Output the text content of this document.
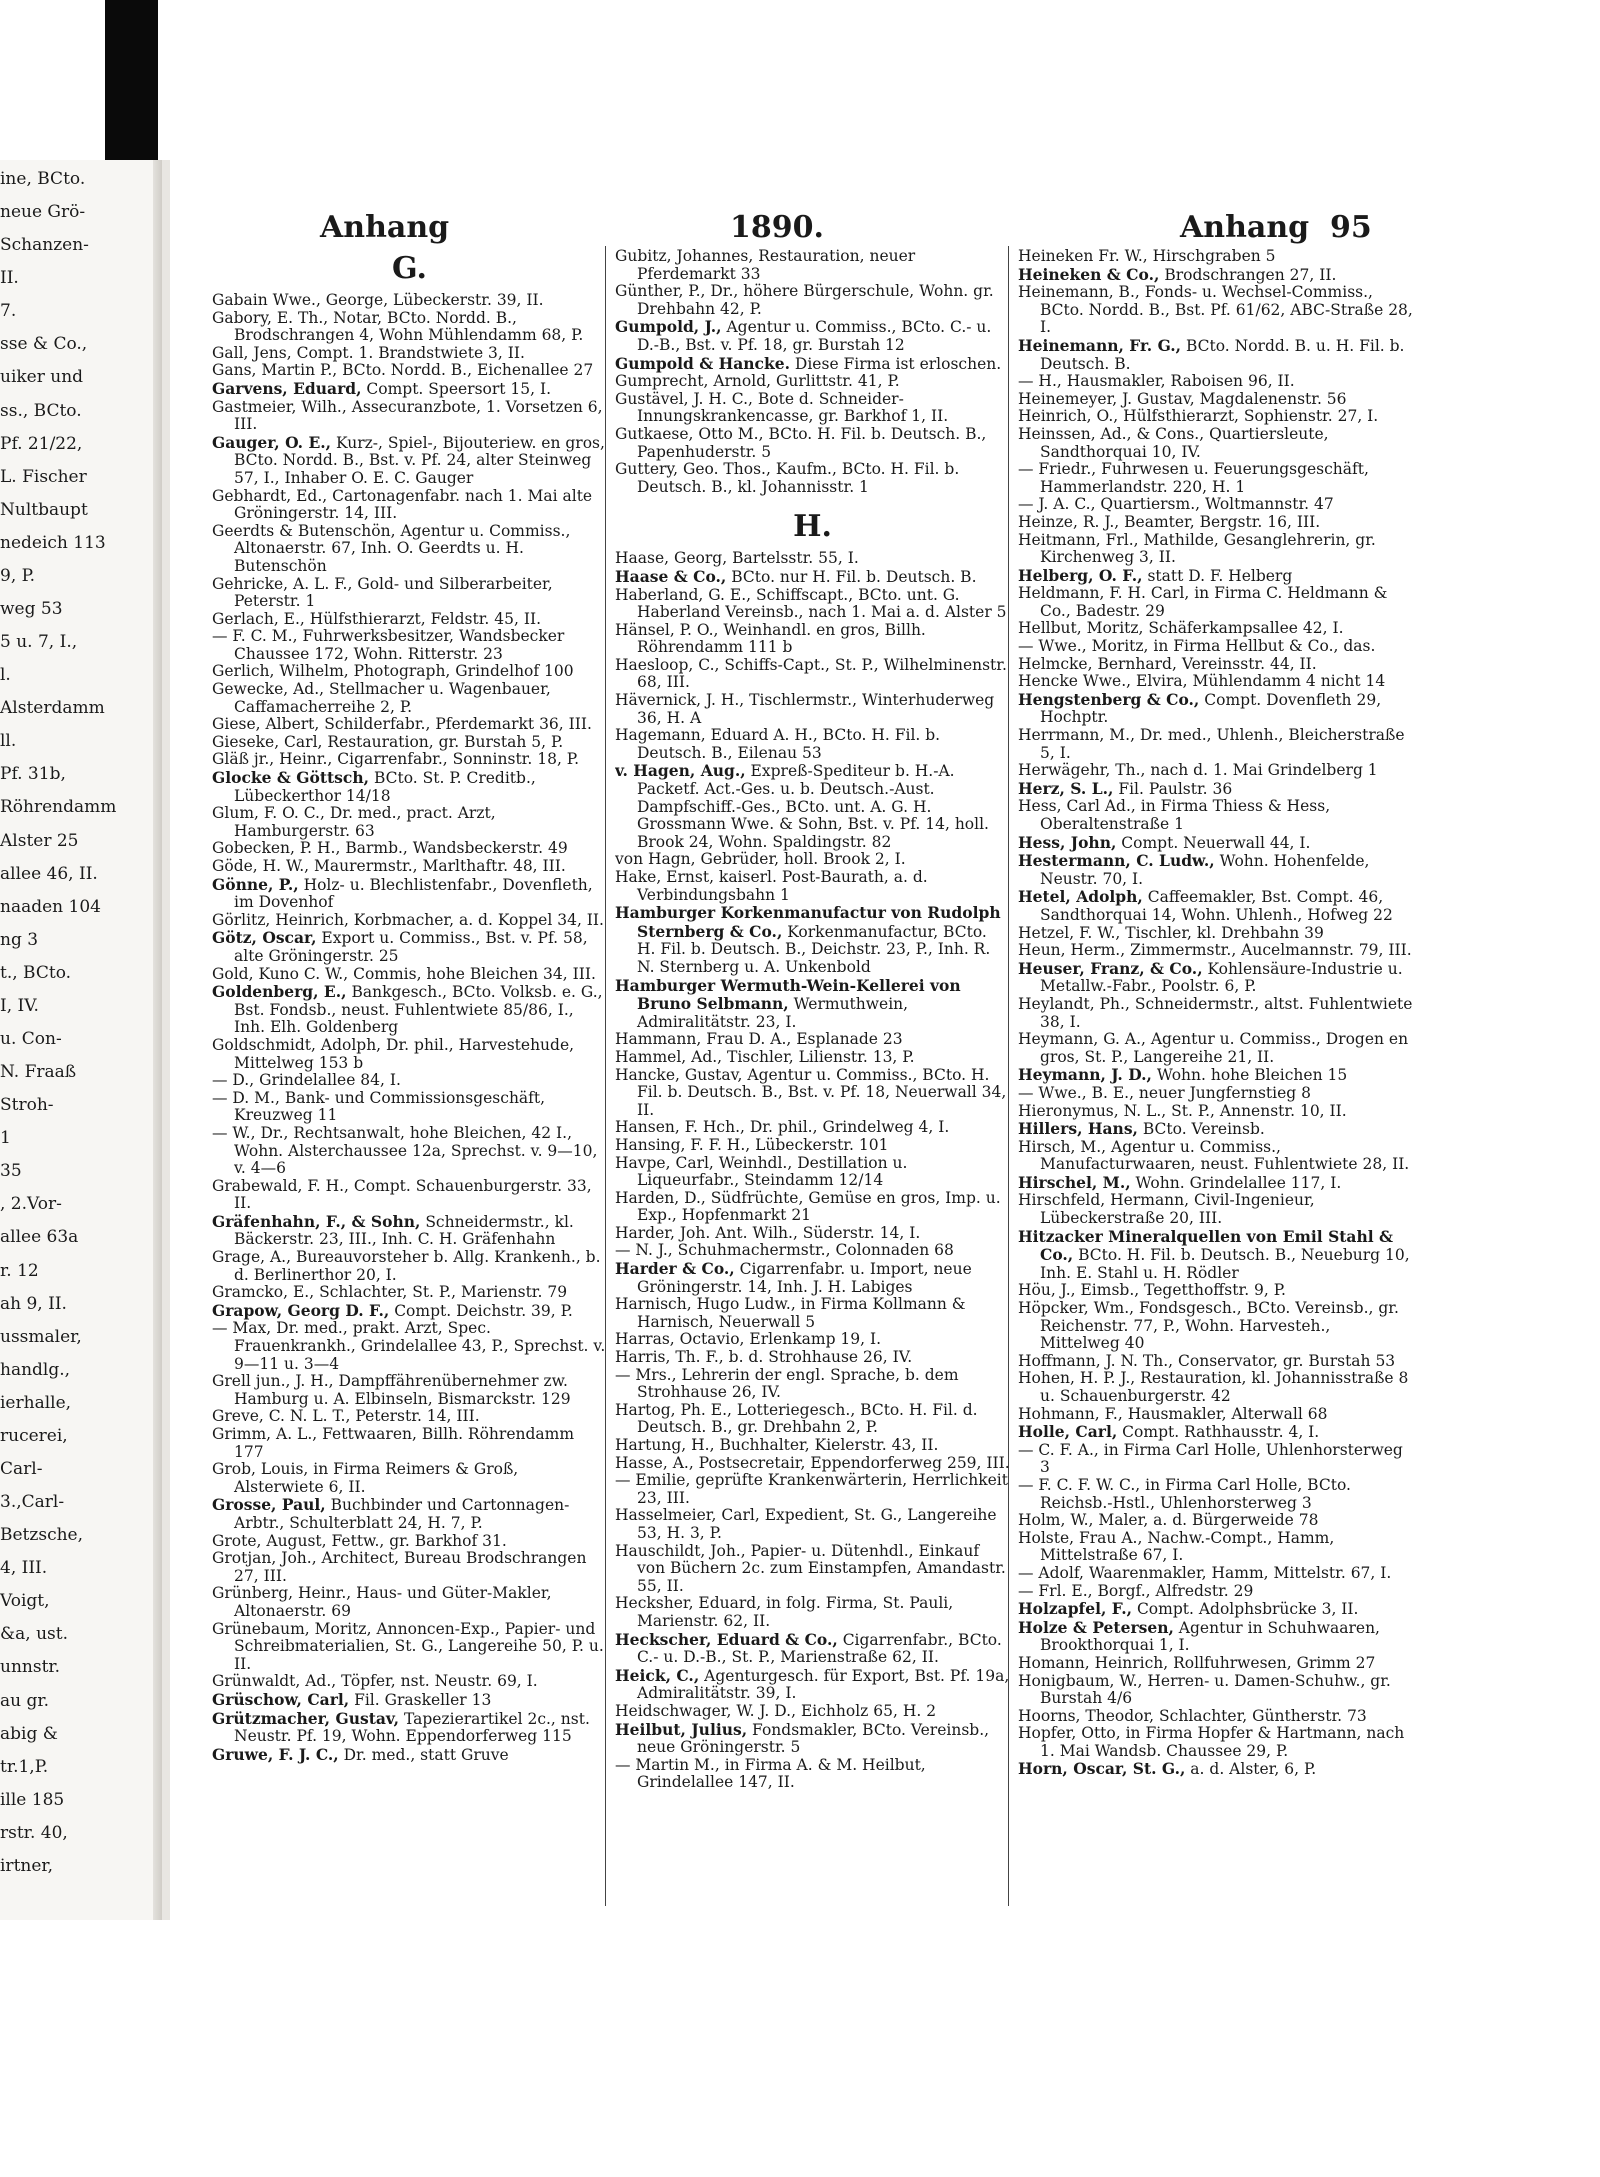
ine, BCto.
neue Grö-
Schanzen-
II.
7.
sse & Co.,
uiker und
ss., BCto.
Pf. 21/22,
L. Fischer
Nultbaupt
nedeich 113
9, P.
weg 53
5 u. 7, I.,
l.
Alsterdamm
ll.
Pf. 31b,
Röhrendamm
Alster 25
allee 46, II.
naaden 104
ng 3
t., BCto.
I, IV.
u. Con-
N. Fraaß
Stroh-
1
35
, 2.Vor-
allee 63a
r. 12
ah 9, II.
ussmaler,
handlg.,
ierhalle,
rucerei,
Carl-
3.,Carl-
Betzsche,
4, III.
Voigt,
&a, ust.
unnstr.
au gr.
abig &
tr.1,P.
ille 185
rstr. 40,
irtner,
Anhang	1890.	Anhang 95
G.

Gabain Wwe., George, Lübeckerstr. 39, II.

Gabory, E. Th., Notar, BCto. Nordd. B., Brodschrangen 4, Wohn Mühlendamm 68, P.

Gall, Jens, Compt. 1. Brandstwiete 3, II.

Gans, Martin P., BCto. Nordd. B., Eichenallee 27

Garvens, Eduard, Compt. Speersort 15, I.

Gastmeier, Wilh., Assecuranzbote, 1. Vorsetzen 6, III.

Gauger, O. E., Kurz-, Spiel-, Bijouteriew. en gros, BCto. Nordd. B., Bst. v. Pf. 24, alter Steinweg 57, I., Inhaber O. E. C. Gauger

Gebhardt, Ed., Cartonagenfabr. nach 1. Mai alte Gröningerstr. 14, III.

Geerdts & Butenschön, Agentur u. Commiss., Altonaerstr. 67, Inh. O. Geerdts u. H. Butenschön

Gehricke, A. L. F., Gold- und Silberarbeiter, Peterstr. 1

Gerlach, E., Hülfsthierarzt, Feldstr. 45, II.

— F. C. M., Fuhrwerksbesitzer, Wandsbecker Chaussee 172, Wohn. Ritterstr. 23

Gerlich, Wilhelm, Photograph, Grindelhof 100

Gewecke, Ad., Stellmacher u. Wagenbauer, Caffamacherreihe 2, P.

Giese, Albert, Schilderfabr., Pferdemarkt 36, III.

Gieseke, Carl, Restauration, gr. Burstah 5, P.

Gläß jr., Heinr., Cigarrenfabr., Sonninstr. 18, P.

Glocke & Göttsch, BCto. St. P. Creditb., Lübeckerthor 14/18

Glum, F. O. C., Dr. med., pract. Arzt, Hamburgerstr. 63

Gobecken, P. H., Barmb., Wandsbeckerstr. 49

Göde, H. W., Maurermstr., Marlthaftr. 48, III.

Gönne, P., Holz- u. Blechlistenfabr., Dovenfleth, im Dovenhof

Görlitz, Heinrich, Korbmacher, a. d. Koppel 34, II.

Götz, Oscar, Export u. Commiss., Bst. v. Pf. 58, alte Gröningerstr. 25

Gold, Kuno C. W., Commis, hohe Bleichen 34, III.

Goldenberg, E., Bankgesch., BCto. Volksb. e. G., Bst. Fondsb., neust. Fuhlentwiete 85/86, I., Inh. Elh. Goldenberg

Goldschmidt, Adolph, Dr. phil., Harvestehude, Mittelweg 153 b

— D., Grindelallee 84, I.

— D. M., Bank- und Commissionsgeschäft, Kreuzweg 11

— W., Dr., Rechtsanwalt, hohe Bleichen, 42 I., Wohn. Alsterchaussee 12a, Sprechst. v. 9—10, v. 4—6

Grabewald, F. H., Compt. Schauenburgerstr. 33, II.

Gräfenhahn, F., & Sohn, Schneidermstr., kl. Bäckerstr. 23, III., Inh. C. H. Gräfenhahn

Grage, A., Bureauvorsteher b. Allg. Krankenh., b. d. Berlinerthor 20, I.

Gramcko, E., Schlachter, St. P., Marienstr. 79

Grapow, Georg D. F., Compt. Deichstr. 39, P.

— Max, Dr. med., prakt. Arzt, Spec. Frauenkrankh., Grindelallee 43, P., Sprechst. v. 9—11 u. 3—4

Grell jun., J. H., Dampffährenübernehmer zw. Hamburg u. A. Elbinseln, Bismarckstr. 129

Greve, C. N. L. T., Peterstr. 14, III.

Grimm, A. L., Fettwaaren, Billh. Röhrendamm 177

Grob, Louis, in Firma Reimers & Groß, Alsterwiete 6, II.

Grosse, Paul, Buchbinder und Cartonnagen-Arbtr., Schulterblatt 24, H. 7, P.

Grote, August, Fettw., gr. Barkhof 31.

Grotjan, Joh., Architect, Bureau Brodschrangen 27, III.

Grünberg, Heinr., Haus- und Güter-Makler, Altonaerstr. 69

Grünebaum, Moritz, Annoncen-Exp., Papier- und Schreibmaterialien, St. G., Langereihe 50, P. u. II.

Grünwaldt, Ad., Töpfer, nst. Neustr. 69, I.

Grüschow, Carl, Fil. Graskeller 13

Grützmacher, Gustav, Tapezierartikel 2c., nst. Neustr. Pf. 19, Wohn. Eppendorferweg 115

Gruwe, F. J. C., Dr. med., statt Gruve

Gubitz, Johannes, Restauration, neuer Pferdemarkt 33

Günther, P., Dr., höhere Bürgerschule, Wohn. gr. Drehbahn 42, P.

Gumpold, J., Agentur u. Commiss., BCto. C.- u. D.-B., Bst. v. Pf. 18, gr. Burstah 12

Gumpold & Hancke. Diese Firma ist erloschen.

Gumprecht, Arnold, Gurlittstr. 41, P.

Gustävel, J. H. C., Bote d. Schneider-Innungskrankencasse, gr. Barkhof 1, II.

Gutkaese, Otto M., BCto. H. Fil. b. Deutsch. B., Papenhuderstr. 5

Guttery, Geo. Thos., Kaufm., BCto. H. Fil. b. Deutsch. B., kl. Johannisstr. 1

H.

Haase, Georg, Bartelsstr. 55, I.

Haase & Co., BCto. nur H. Fil. b. Deutsch. B.

Haberland, G. E., Schiffscapt., BCto. unt. G. Haberland Vereinsb., nach 1. Mai a. d. Alster 5

Hänsel, P. O., Weinhandl. en gros, Billh. Röhrendamm 111 b

Haesloop, C., Schiffs-Capt., St. P., Wilhelminenstr. 68, III.

Hävernick, J. H., Tischlermstr., Winterhuderweg 36, H. A

Hagemann, Eduard A. H., BCto. H. Fil. b. Deutsch. B., Eilenau 53

v. Hagen, Aug., Expreß-Spediteur b. H.-A. Packetf. Act.-Ges. u. b. Deutsch.-Aust. Dampfschiff.-Ges., BCto. unt. A. G. H. Grossmann Wwe. & Sohn, Bst. v. Pf. 14, holl. Brook 24, Wohn. Spaldingstr. 82

von Hagn, Gebrüder, holl. Brook 2, I.

Hake, Ernst, kaiserl. Post-Baurath, a. d. Verbindungsbahn 1

Hamburger Korkenmanufactur von Rudolph Sternberg & Co., Korkenmanufactur, BCto. H. Fil. b. Deutsch. B., Deichstr. 23, P., Inh. R. N. Sternberg u. A. Unkenbold

Hamburger Wermuth-Wein-Kellerei von Bruno Selbmann, Wermuthwein, Admiralitätstr. 23, I.

Hammann, Frau D. A., Esplanade 23

Hammel, Ad., Tischler, Lilienstr. 13, P.

Hancke, Gustav, Agentur u. Commiss., BCto. H. Fil. b. Deutsch. B., Bst. v. Pf. 18, Neuerwall 34, II.

Hansen, F. Hch., Dr. phil., Grindelweg 4, I.

Hansing, F. F. H., Lübeckerstr. 101

Havpe, Carl, Weinhdl., Destillation u. Liqueurfabr., Steindamm 12/14

Harden, D., Südfrüchte, Gemüse en gros, Imp. u. Exp., Hopfenmarkt 21

Harder, Joh. Ant. Wilh., Süderstr. 14, I.

— N. J., Schuhmachermstr., Colonnaden 68

Harder & Co., Cigarrenfabr. u. Import, neue Gröningerstr. 14, Inh. J. H. Labiges

Harnisch, Hugo Ludw., in Firma Kollmann & Harnisch, Neuerwall 5

Harras, Octavio, Erlenkamp 19, I.

Harris, Th. F., b. d. Strohhause 26, IV.

— Mrs., Lehrerin der engl. Sprache, b. dem Strohhause 26, IV.

Hartog, Ph. E., Lotteriegesch., BCto. H. Fil. d. Deutsch. B., gr. Drehbahn 2, P.

Hartung, H., Buchhalter, Kielerstr. 43, II.

Hasse, A., Postsecretair, Eppendorferweg 259, III.

— Emilie, geprüfte Krankenwärterin, Herrlichkeit 23, III.

Hasselmeier, Carl, Expedient, St. G., Langereihe 53, H. 3, P.

Hauschildt, Joh., Papier- u. Dütenhdl., Einkauf von Büchern 2c. zum Einstampfen, Amandastr. 55, II.

Hecksher, Eduard, in folg. Firma, St. Pauli, Marienstr. 62, II.

Heckscher, Eduard & Co., Cigarrenfabr., BCto. C.- u. D.-B., St. P., Marienstraße 62, II.

Heick, C., Agenturgesch. für Export, Bst. Pf. 19a, Admiralitätstr. 39, I.

Heidschwager, W. J. D., Eichholz 65, H. 2

Heilbut, Julius, Fondsmakler, BCto. Vereinsb., neue Gröningerstr. 5

— Martin M., in Firma A. & M. Heilbut, Grindelallee 147, II.

Heineken Fr. W., Hirschgraben 5

Heineken & Co., Brodschrangen 27, II.

Heinemann, B., Fonds- u. Wechsel-Commiss., BCto. Nordd. B., Bst. Pf. 61/62, ABC-Straße 28, I.

Heinemann, Fr. G., BCto. Nordd. B. u. H. Fil. b. Deutsch. B.

— H., Hausmakler, Raboisen 96, II.

Heinemeyer, J. Gustav, Magdalenenstr. 56

Heinrich, O., Hülfsthierarzt, Sophienstr. 27, I.

Heinssen, Ad., & Cons., Quartiersleute, Sandthorquai 10, IV.

— Friedr., Fuhrwesen u. Feuerungsgeschäft, Hammerlandstr. 220, H. 1

— J. A. C., Quartiersm., Woltmannstr. 47

Heinze, R. J., Beamter, Bergstr. 16, III.

Heitmann, Frl., Mathilde, Gesanglehrerin, gr. Kirchenweg 3, II.

Helberg, O. F., statt D. F. Helberg

Heldmann, F. H. Carl, in Firma C. Heldmann & Co., Badestr. 29

Hellbut, Moritz, Schäferkampsallee 42, I.

— Wwe., Moritz, in Firma Hellbut & Co., das.

Helmcke, Bernhard, Vereinsstr. 44, II.

Hencke Wwe., Elvira, Mühlendamm 4 nicht 14

Hengstenberg & Co., Compt. Dovenfleth 29, Hochptr.

Herrmann, M., Dr. med., Uhlenh., Bleicherstraße 5, I.

Herwägehr, Th., nach d. 1. Mai Grindelberg 1

Herz, S. L., Fil. Paulstr. 36

Hess, Carl Ad., in Firma Thiess & Hess, Oberaltenstraße 1

Hess, John, Compt. Neuerwall 44, I.

Hestermann, C. Ludw., Wohn. Hohenfelde, Neustr. 70, I.

Hetel, Adolph, Caffeemakler, Bst. Compt. 46, Sandthorquai 14, Wohn. Uhlenh., Hofweg 22

Hetzel, F. W., Tischler, kl. Drehbahn 39

Heun, Herm., Zimmermstr., Aucelmannstr. 79, III.

Heuser, Franz, & Co., Kohlensäure-Industrie u. Metallw.-Fabr., Poolstr. 6, P.

Heylandt, Ph., Schneidermstr., altst. Fuhlentwiete 38, I.

Heymann, G. A., Agentur u. Commiss., Drogen en gros, St. P., Langereihe 21, II.

Heymann, J. D., Wohn. hohe Bleichen 15

— Wwe., B. E., neuer Jungfernstieg 8

Hieronymus, N. L., St. P., Annenstr. 10, II.

Hillers, Hans, BCto. Vereinsb.

Hirsch, M., Agentur u. Commiss., Manufacturwaaren, neust. Fuhlentwiete 28, II.

Hirschel, M., Wohn. Grindelallee 117, I.

Hirschfeld, Hermann, Civil-Ingenieur, Lübeckerstraße 20, III.

Hitzacker Mineralquellen von Emil Stahl & Co., BCto. H. Fil. b. Deutsch. B., Neueburg 10, Inh. E. Stahl u. H. Rödler

Höu, J., Eimsb., Tegetthoffstr. 9, P.

Höpcker, Wm., Fondsgesch., BCto. Vereinsb., gr. Reichenstr. 77, P., Wohn. Harvesteh., Mittelweg 40

Hoffmann, J. N. Th., Conservator, gr. Burstah 53

Hohen, H. P. J., Restauration, kl. Johannisstraße 8 u. Schauenburgerstr. 42

Hohmann, F., Hausmakler, Alterwall 68

Holle, Carl, Compt. Rathhausstr. 4, I.

— C. F. A., in Firma Carl Holle, Uhlenhorsterweg 3

— F. C. F. W. C., in Firma Carl Holle, BCto. Reichsb.-Hstl., Uhlenhorsterweg 3

Holm, W., Maler, a. d. Bürgerweide 78

Holste, Frau A., Nachw.-Compt., Hamm, Mittelstraße 67, I.

— Adolf, Waarenmakler, Hamm, Mittelstr. 67, I.

— Frl. E., Borgf., Alfredstr. 29

Holzapfel, F., Compt. Adolphsbrücke 3, II.

Holze & Petersen, Agentur in Schuhwaaren, Brookthorquai 1, I.

Homann, Heinrich, Rollfuhrwesen, Grimm 27

Honigbaum, W., Herren- u. Damen-Schuhw., gr. Burstah 4/6

Hoorns, Theodor, Schlachter, Güntherstr. 73

Hopfer, Otto, in Firma Hopfer & Hartmann, nach 1. Mai Wandsb. Chaussee 29, P.

Horn, Oscar, St. G., a. d. Alster, 6, P.
